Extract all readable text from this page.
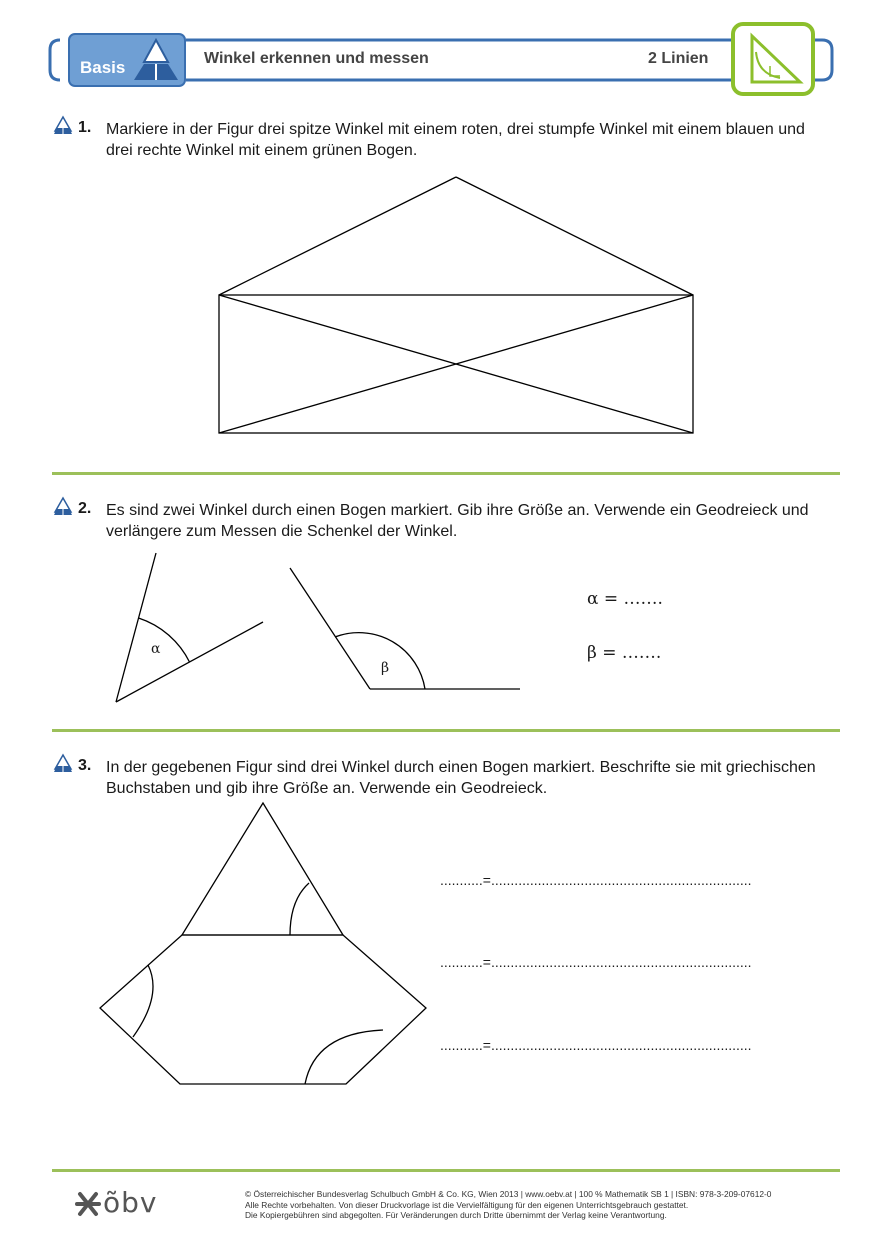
Basis	Winkel erkennen und messen	2 Linien
1. Markiere in der Figur drei spitze Winkel mit einem roten, drei stumpfe Winkel mit einem blauen und drei rechte Winkel mit einem grünen Bogen.
2. Es sind zwei Winkel durch einen Bogen markiert. Gib ihre Größe an. Verwende ein Geodreieck und verlängere zum Messen die Schenkel der Winkel.
α
β
α = …….
β = …….
3. In der gegebenen Figur sind drei Winkel durch einen Bogen markiert. Beschrifte sie mit griechischen Buchstaben und gib ihre Größe an. Verwende ein Geodreieck.
...........=...................................................................
...........=...................................................................
...........=...................................................................
õbv	© Österreichischer Bundesverlag Schulbuch GmbH & Co. KG, Wien 2013 | www.oebv.at | 100 % Mathematik SB 1 | ISBN: 978-3-209-07612-0
Alle Rechte vorbehalten. Von dieser Druckvorlage ist die Vervielfältigung für den eigenen Unterrichtsgebrauch gestattet.
Die Kopiergebühren sind abgegolten. Für Veränderungen durch Dritte übernimmt der Verlag keine Verantwortung.
